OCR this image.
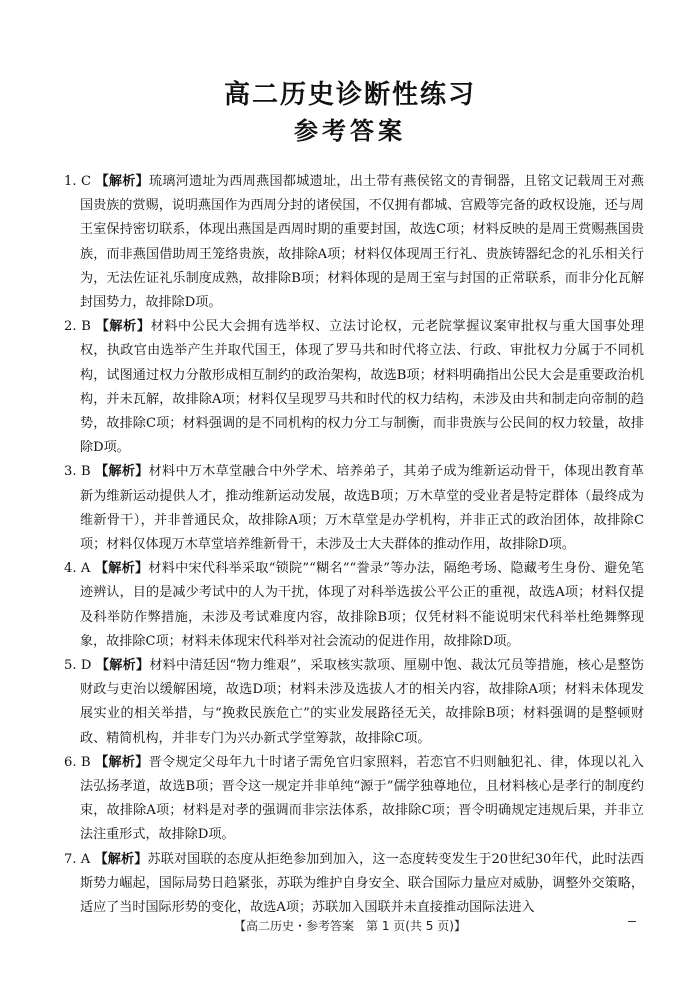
高二历史诊断性练习
参考答案

1. C 【解析】琉璃河遗址为西周燕国都城遗址，出土带有燕侯铭文的青铜器，且铭文记载周王对燕国贵族的赏赐，说明燕国作为西周分封的诸侯国，不仅拥有都城、宫殿等完备的政权设施，还与周王室保持密切联系，体现出燕国是西周时期的重要封国，故选C项；材料反映的是周王赏赐燕国贵族，而非燕国借助周王笼络贵族，故排除A项；材料仅体现周王行礼、贵族铸器纪念的礼乐相关行为，无法佐证礼乐制度成熟，故排除B项；材料体现的是周王室与封国的正常联系，而非分化瓦解封国势力，故排除D项。

2. B 【解析】材料中公民大会拥有选举权、立法讨论权，元老院掌握议案审批权与重大国事处理权，执政官由选举产生并取代国王，体现了罗马共和时代将立法、行政、审批权力分属于不同机构，试图通过权力分散形成相互制约的政治架构，故选B项；材料明确指出公民大会是重要政治机构，并未瓦解，故排除A项；材料仅呈现罗马共和时代的权力结构，未涉及由共和制走向帝制的趋势，故排除C项；材料强调的是不同机构的权力分工与制衡，而非贵族与公民间的权力较量，故排除D项。

3. B 【解析】材料中万木草堂融合中外学术、培养弟子，其弟子成为维新运动骨干，体现出教育革新为维新运动提供人才，推动维新运动发展，故选B项；万木草堂的受业者是特定群体（最终成为维新骨干），并非普通民众，故排除A项；万木草堂是办学机构，并非正式的政治团体，故排除C项；材料仅体现万木草堂培养维新骨干，未涉及士大夫群体的推动作用，故排除D项。

4. A 【解析】材料中宋代科举采取“锁院”“糊名”“誊录”等办法，隔绝考场、隐藏考生身份、避免笔迹辨认，目的是减少考试中的人为干扰，体现了对科举选拔公平公正的重视，故选A项；材料仅提及科举防作弊措施，未涉及考试难度内容，故排除B项；仅凭材料不能说明宋代科举杜绝舞弊现象，故排除C项；材料未体现宋代科举对社会流动的促进作用，故排除D项。

5. D 【解析】材料中清廷因“物力维艰”，采取核实款项、厘剔中饱、裁汰冗员等措施，核心是整饬财政与吏治以缓解困境，故选D项；材料未涉及选拔人才的相关内容，故排除A项；材料未体现发展实业的相关举措，与“挽救民族危亡”的实业发展路径无关，故排除B项；材料强调的是整顿财政、精简机构，并非专门为兴办新式学堂筹款，故排除C项。

6. B 【解析】晋令规定父母年九十时诸子需免官归家照料，若恋官不归则触犯礼、律，体现以礼入法弘扬孝道，故选B项；晋令这一规定并非单纯“源于”儒学独尊地位，且材料核心是孝行的制度约束，故排除A项；材料是对孝的强调而非宗法体系，故排除C项；晋令明确规定违规后果，并非立法注重形式，故排除D项。

7. A 【解析】苏联对国联的态度从拒绝参加到加入，这一态度转变发生于20世纪30年代，此时法西斯势力崛起，国际局势日趋紧张，苏联为维护自身安全、联合国际力量应对威胁，调整外交策略，适应了当时国际形势的变化，故选A项；苏联加入国联并未直接推动国际法进入

【高二历史・参考答案　第 1 页(共 5 页)】
